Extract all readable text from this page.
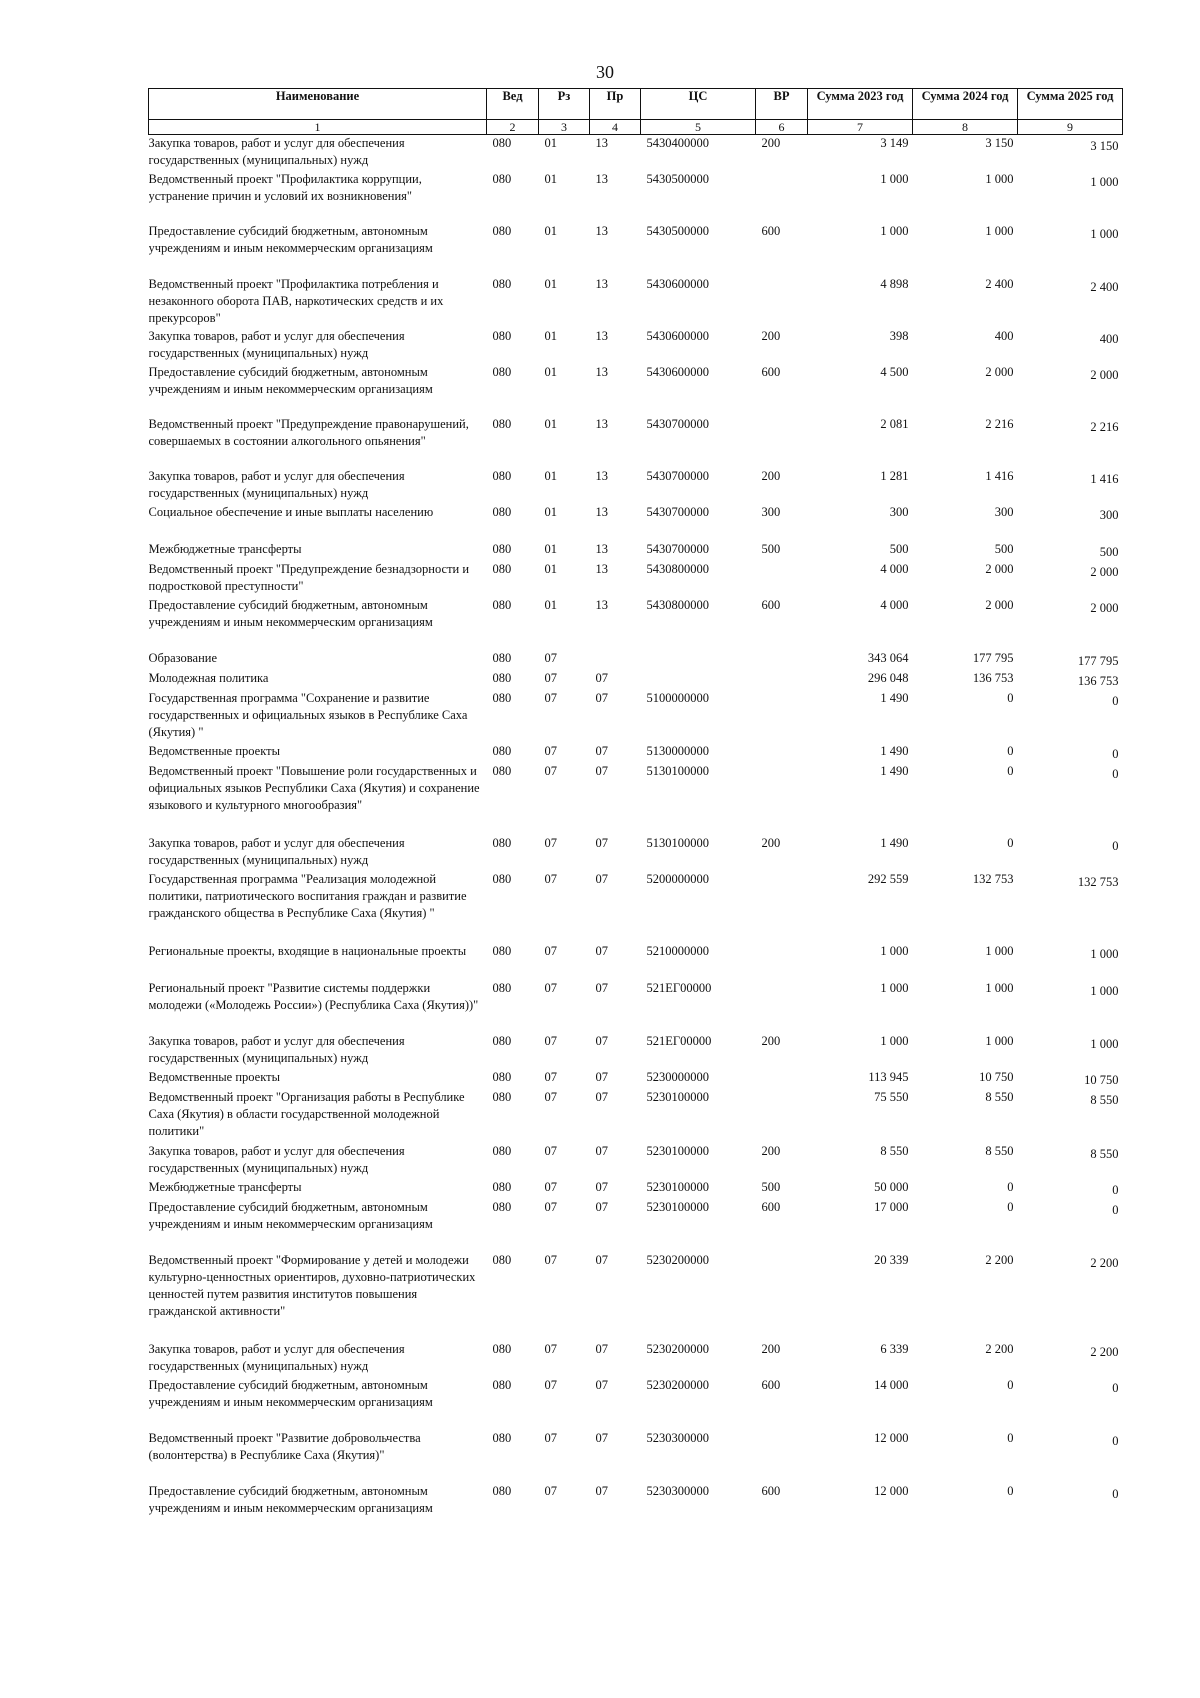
30
Наименование	Вед	Рз	Пр	ЦС	ВР	Сумма 2023 год	Сумма 2024 год	Сумма 2025 год
1	2	3	4	5	6	7	8	9
Закупка товаров, работ и услуг для обеспечения государственных (муниципальных) нужд	080	01	13	5430400000	200	3 149	3 150	3 150
Ведомственный проект "Профилактика коррупции, устранение причин и условий их возникновения"	080	01	13	5430500000		1 000	1 000	1 000
Предоставление субсидий бюджетным, автономным учреждениям и иным некоммерческим организациям	080	01	13	5430500000	600	1 000	1 000	1 000
Ведомственный проект "Профилактика потребления и незаконного оборота ПАВ, наркотических средств и их прекурсоров"	080	01	13	5430600000		4 898	2 400	2 400
Закупка товаров, работ и услуг для обеспечения государственных (муниципальных) нужд	080	01	13	5430600000	200	398	400	400
Предоставление субсидий бюджетным, автономным учреждениям и иным некоммерческим организациям	080	01	13	5430600000	600	4 500	2 000	2 000
Ведомственный проект "Предупреждение правонарушений, совершаемых в состоянии алкогольного опьянения"	080	01	13	5430700000		2 081	2 216	2 216
Закупка товаров, работ и услуг для обеспечения государственных (муниципальных) нужд	080	01	13	5430700000	200	1 281	1 416	1 416
Социальное обеспечение и иные выплаты населению	080	01	13	5430700000	300	300	300	300
Межбюджетные трансферты	080	01	13	5430700000	500	500	500	500
Ведомственный проект "Предупреждение безнадзорности и подростковой преступности"	080	01	13	5430800000		4 000	2 000	2 000
Предоставление субсидий бюджетным, автономным учреждениям и иным некоммерческим организациям	080	01	13	5430800000	600	4 000	2 000	2 000
Образование	080	07				343 064	177 795	177 795
Молодежная политика	080	07	07			296 048	136 753	136 753
Государственная программа "Сохранение и развитие государственных и официальных языков в Республике Саха (Якутия) "	080	07	07	5100000000		1 490	0	0
Ведомственные проекты	080	07	07	5130000000		1 490	0	0
Ведомственный проект "Повышение роли государственных и официальных языков Республики Саха (Якутия) и сохранение языкового и культурного многообразия"	080	07	07	5130100000		1 490	0	0
Закупка товаров, работ и услуг для обеспечения государственных (муниципальных) нужд	080	07	07	5130100000	200	1 490	0	0
Государственная программа "Реализация молодежной политики, патриотического воспитания граждан и развитие гражданского общества в Республике Саха (Якутия) "	080	07	07	5200000000		292 559	132 753	132 753
Региональные проекты, входящие в национальные проекты	080	07	07	5210000000		1 000	1 000	1 000
Региональный проект "Развитие системы поддержки молодежи («Молодежь России») (Республика Саха (Якутия))"	080	07	07	521ЕГ00000		1 000	1 000	1 000
Закупка товаров, работ и услуг для обеспечения государственных (муниципальных) нужд	080	07	07	521ЕГ00000	200	1 000	1 000	1 000
Ведомственные проекты	080	07	07	5230000000		113 945	10 750	10 750
Ведомственный проект "Организация работы в Республике Саха (Якутия) в области государственной молодежной политики"	080	07	07	5230100000		75 550	8 550	8 550
Закупка товаров, работ и услуг для обеспечения государственных (муниципальных) нужд	080	07	07	5230100000	200	8 550	8 550	8 550
Межбюджетные трансферты	080	07	07	5230100000	500	50 000	0	0
Предоставление субсидий бюджетным, автономным учреждениям и иным некоммерческим организациям	080	07	07	5230100000	600	17 000	0	0
Ведомственный проект "Формирование у детей и молодежи культурно-ценностных ориентиров, духовно-патриотических ценностей путем развития институтов повышения гражданской активности"	080	07	07	5230200000		20 339	2 200	2 200
Закупка товаров, работ и услуг для обеспечения государственных (муниципальных) нужд	080	07	07	5230200000	200	6 339	2 200	2 200
Предоставление субсидий бюджетным, автономным учреждениям и иным некоммерческим организациям	080	07	07	5230200000	600	14 000	0	0
Ведомственный проект "Развитие добровольчества (волонтерства) в Республике Саха (Якутия)"	080	07	07	5230300000		12 000	0	0
Предоставление субсидий бюджетным, автономным учреждениям и иным некоммерческим организациям	080	07	07	5230300000	600	12 000	0	0
